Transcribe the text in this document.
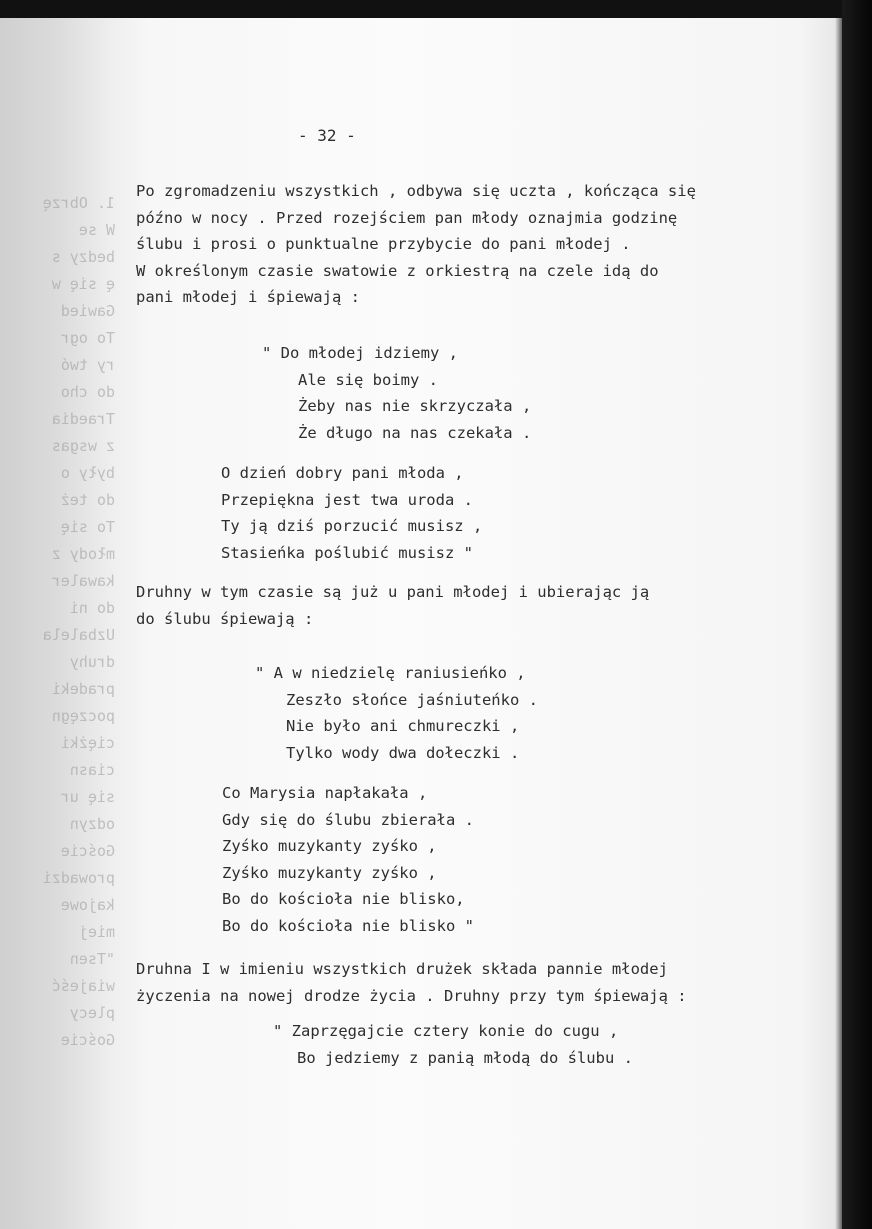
1. Obrzę
W se
bedzy s
ę się w
Gawied
To ogr
ry twó
do cho
Traedia
z wsgas
były o
do też
To się
młody z
kawaler
do ni
Uzbalela
druhy
pradeki
poczęgn
ciężki
ciasn
się ur
odzyn
Goście
prowadzi
kajowe
miej
"Tsen
wiajeść
plecy
Goście

- 32 -
Po zgromadzeniu wszystkich , odbywa się uczta , kończąca się
późno w nocy . Przed rozejściem pan młody oznajmia godzinę
ślubu i prosi o punktualne przybycie do pani młodej .
W określonym czasie swatowie z orkiestrą na czele idą do
pani młodej i śpiewają :
" Do młodej idziemy ,
Ale się boimy .
Żeby nas nie skrzyczała ,
Że długo na nas czekała .
O dzień dobry pani młoda ,
Przepiękna jest twa uroda .
Ty ją dziś porzucić musisz ,
Stasieńka poślubić musisz "
Druhny w tym czasie są już u pani młodej i ubierając ją
do ślubu śpiewają :
" A w niedzielę raniusieńko ,
Zeszło słońce jaśniuteńko .
Nie było ani chmureczki ,
Tylko wody dwa dołeczki .
Co Marysia napłakała ,
Gdy się do ślubu zbierała .
Zyśko muzykanty zyśko ,
Zyśko muzykanty zyśko ,
Bo do kościoła nie blisko,
Bo do kościoła nie blisko "
Druhna I w imieniu wszystkich drużek składa pannie młodej
życzenia na nowej drodze życia . Druhny przy tym śpiewają :
" Zaprzęgajcie cztery konie do cugu ,
Bo jedziemy z panią młodą do ślubu .
